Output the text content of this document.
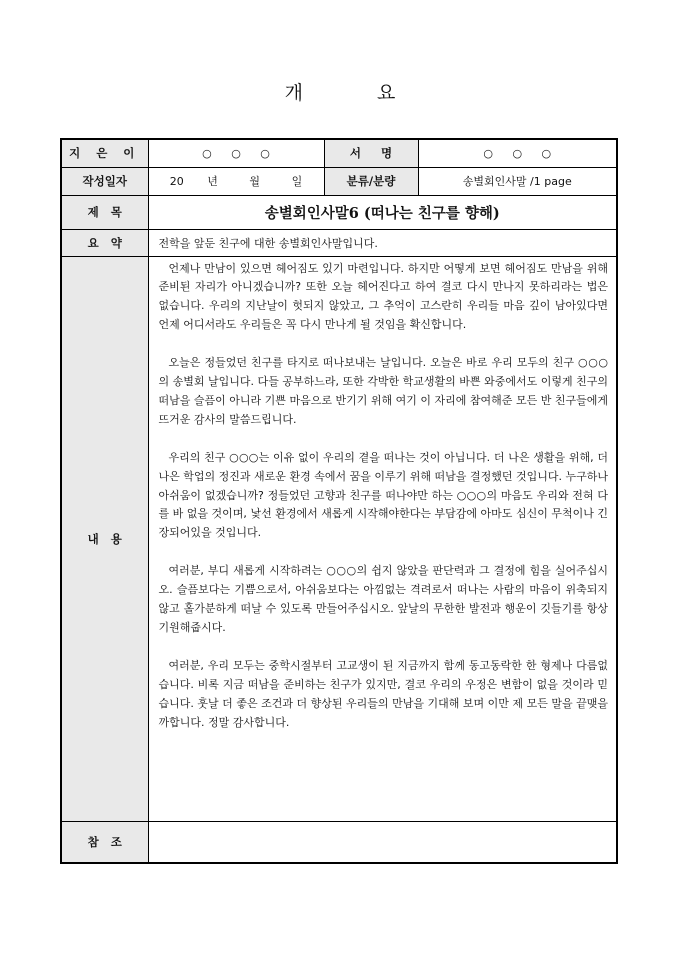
개 요
지 은 이	○ ○ ○	서     명	○ ○ ○
작성일자	20 년 월 일	분류/분량	송별회인사말 /1 page
제   목	송별회인사말6 (떠나는 친구를 향해)		
요   약	전학을 앞둔 친구에 대한 송별회인사말입니다.		
내   용	언제나 만남이 있으면 헤어짐도 있기 마련입니다. 하지만 어떻게 보면 헤어짐도 만남을 위해 준비된 자리가 아니겠습니까? 또한 오늘 헤어진다고 하여 결코 다시 만나지 못하리라는 법은 없습니다. 우리의 지난날이 헛되지 않았고, 그 추억이 고스란히 우리들 마음 깊이 남아있다면 언제 어디서라도 우리들은 꼭 다시 만나게 될 것임을 확신합니다.

오늘은 정들었던 친구를 타지로 떠나보내는 날입니다. 오늘은 바로 우리 모두의 친구 ○○○의 송별회 날입니다. 다들 공부하느라, 또한 각박한 학교생활의 바쁜 와중에서도 이렇게 친구의 떠남을 슬픔이 아니라 기쁜 마음으로 반기기 위해 여기 이 자리에 참여해준 모든 반 친구들에게 뜨거운 감사의 말씀드립니다.

우리의 친구 ○○○는 이유 없이 우리의 곁을 떠나는 것이 아닙니다. 더 나은 생활을 위해, 더 나은 학업의 정진과 새로운 환경 속에서 꿈을 이루기 위해 떠남을 결정했던 것입니다. 누구하나 아쉬움이 없겠습니까? 정들었던 고향과 친구를 떠나야만 하는 ○○○의 마음도 우리와 전혀 다를 바 없을 것이며, 낯선 환경에서 새롭게 시작해야한다는 부담감에 아마도 심신이 무척이나 긴장되어있을 것입니다.

여러분, 부디 새롭게 시작하려는 ○○○의 쉽지 않았을 판단력과 그 결정에 힘을 실어주십시오. 슬픔보다는 기쁨으로서, 아쉬움보다는 아낌없는 격려로서 떠나는 사람의 마음이 위축되지 않고 홀가분하게 떠날 수 있도록 만들어주십시오. 앞날의 무한한 발전과 행운이 깃들기를 항상 기원해줍시다.

여러분, 우리 모두는 중학시절부터 고교생이 된 지금까지 함께 동고동락한 한 형제나 다름없습니다. 비록 지금 떠남을 준비하는 친구가 있지만, 결코 우리의 우정은 변함이 없을 것이라 믿습니다. 훗날 더 좋은 조건과 더 향상된 우리들의 만남을 기대해 보며 이만 제 모든 말을 끝맺을까합니다. 정말 감사합니다.		

참   조			
